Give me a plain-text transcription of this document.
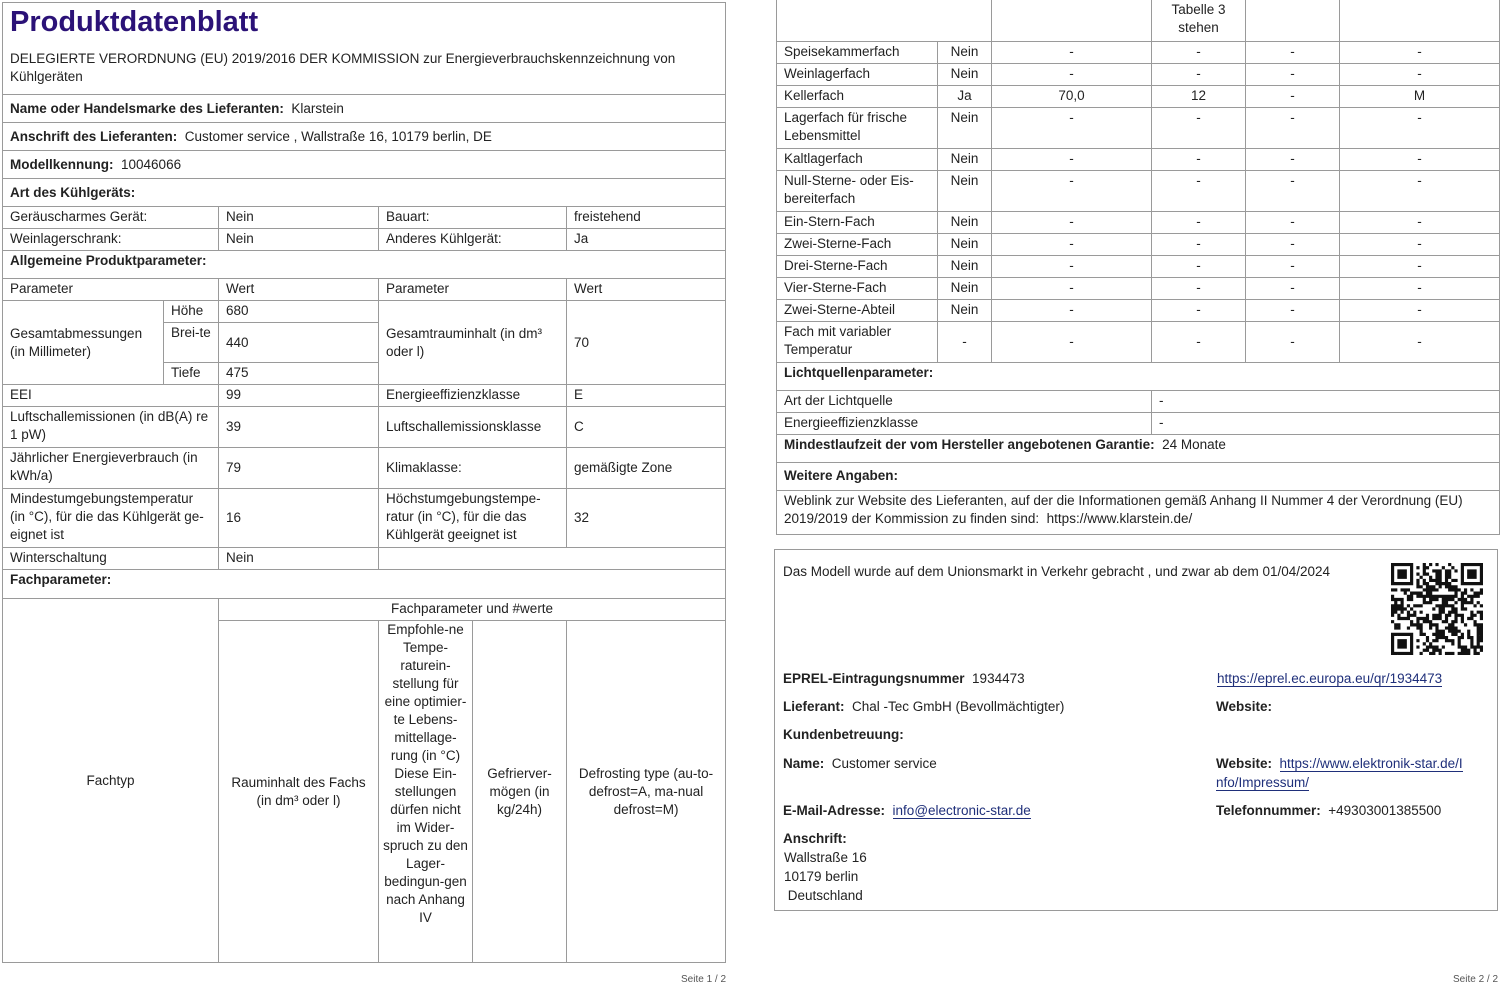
Produktdatenblatt
DELEGIERTE VERORDNUNG (EU) 2019/2016 DER KOMMISSION zur Energieverbrauchskennzeichnung von Kühlgeräten					

Name oder Handelsmarke des Lieferanten: Klarstein					
Anschrift des Lieferanten: Customer service , Wallstraße 16, 10179 berlin, DE					
Modellkennung: 10046066					
Art des Kühlgeräts:					
Geräuscharmes Gerät:		Nein	Bauart:		freistehend
Weinlagerschrank:		Nein	Anderes Kühlgerät:		Ja
Allgemeine Produktparameter:					
Parameter		Wert	Parameter		Wert
Gesamtabmessungen (in Millimeter)	Höhe	680	Gesamtrauminhalt (in dm³ oder l)		70
	Brei-te	440			
	Tiefe	475			
EEI		99	Energieeffizienzklasse		E
Luftschallemissionen (in dB(A) re 1 pW)		39	Luftschallemissionsklasse		C
Jährlicher Energieverbrauch (in kWh/a)		79	Klimaklasse:		gemäßigte Zone
Mindestumgebungstemperatur (in °C), für die das Kühlgerät ge-eignet ist		16	Höchstumgebungstempe-ratur (in °C), für die das Kühlgerät geeignet ist		32
Winterschaltung		Nein			
Fachparameter:					
Fachtyp		Fachparameter und #werte			
		Rauminhalt des Fachs (in dm³ oder l)	Empfohle-ne Tempe-raturein-stellung für eine optimier-te Lebens-mittellage-rung (in °C) Diese Ein-stellungen dürfen nicht im Wider-spruch zu den Lager-bedingun-gen nach Anhang IV	Gefrierver-mögen (in kg/24h)	Defrosting type (au-to-defrost=A, ma-nual defrost=M)
			Tabelle 3 stehen		
Speisekammerfach	Nein	-	-	-	-
Weinlagerfach	Nein	-	-	-	-
Kellerfach	Ja	70,0	12	-	M
Lagerfach für frische Lebensmittel	Nein	-	-	-	-
Kaltlagerfach	Nein	-	-	-	-
Null-Sterne- oder Eis-bereiterfach	Nein	-	-	-	-
Ein-Stern-Fach	Nein	-	-	-	-
Zwei-Sterne-Fach	Nein	-	-	-	-
Drei-Sterne-Fach	Nein	-	-	-	-
Vier-Sterne-Fach	Nein	-	-	-	-
Zwei-Sterne-Abteil	Nein	-	-	-	-
Fach mit variabler Temperatur	-	-	-	-	-
Lichtquellenparameter:					
Art der Lichtquelle			-		
Energieeffizienzklasse			-		
Mindestlaufzeit der vom Hersteller angebotenen Garantie: 24 Monate					
Weitere Angaben:					
Weblink zur Website des Lieferanten, auf der die Informationen gemäß Anhang II Nummer 4 der Verordnung (EU) 2019/2019 der Kommission zu finden sind: https://www.klarstein.de/					
Das Modell wurde auf dem Unionsmarkt in Verkehr gebracht , und zwar ab dem 01/04/2024
EPREL-Eintragungsnummer 1934473	https://eprel.ec.europa.eu/qr/1934473
Lieferant: Chal -Tec GmbH (Bevollmächtigter)	Website:
Kundenbetreuung:
Name: Customer service	Website: https://www.elektronik-star.de/I
nfo/Impressum/
E-Mail-Adresse: info@electronic-star.de	Telefonnummer: +49303001385500
Anschrift:
Wallstraße 16
10179 berlin
Deutschland
Seite 1 / 2	Seite 2 / 2
